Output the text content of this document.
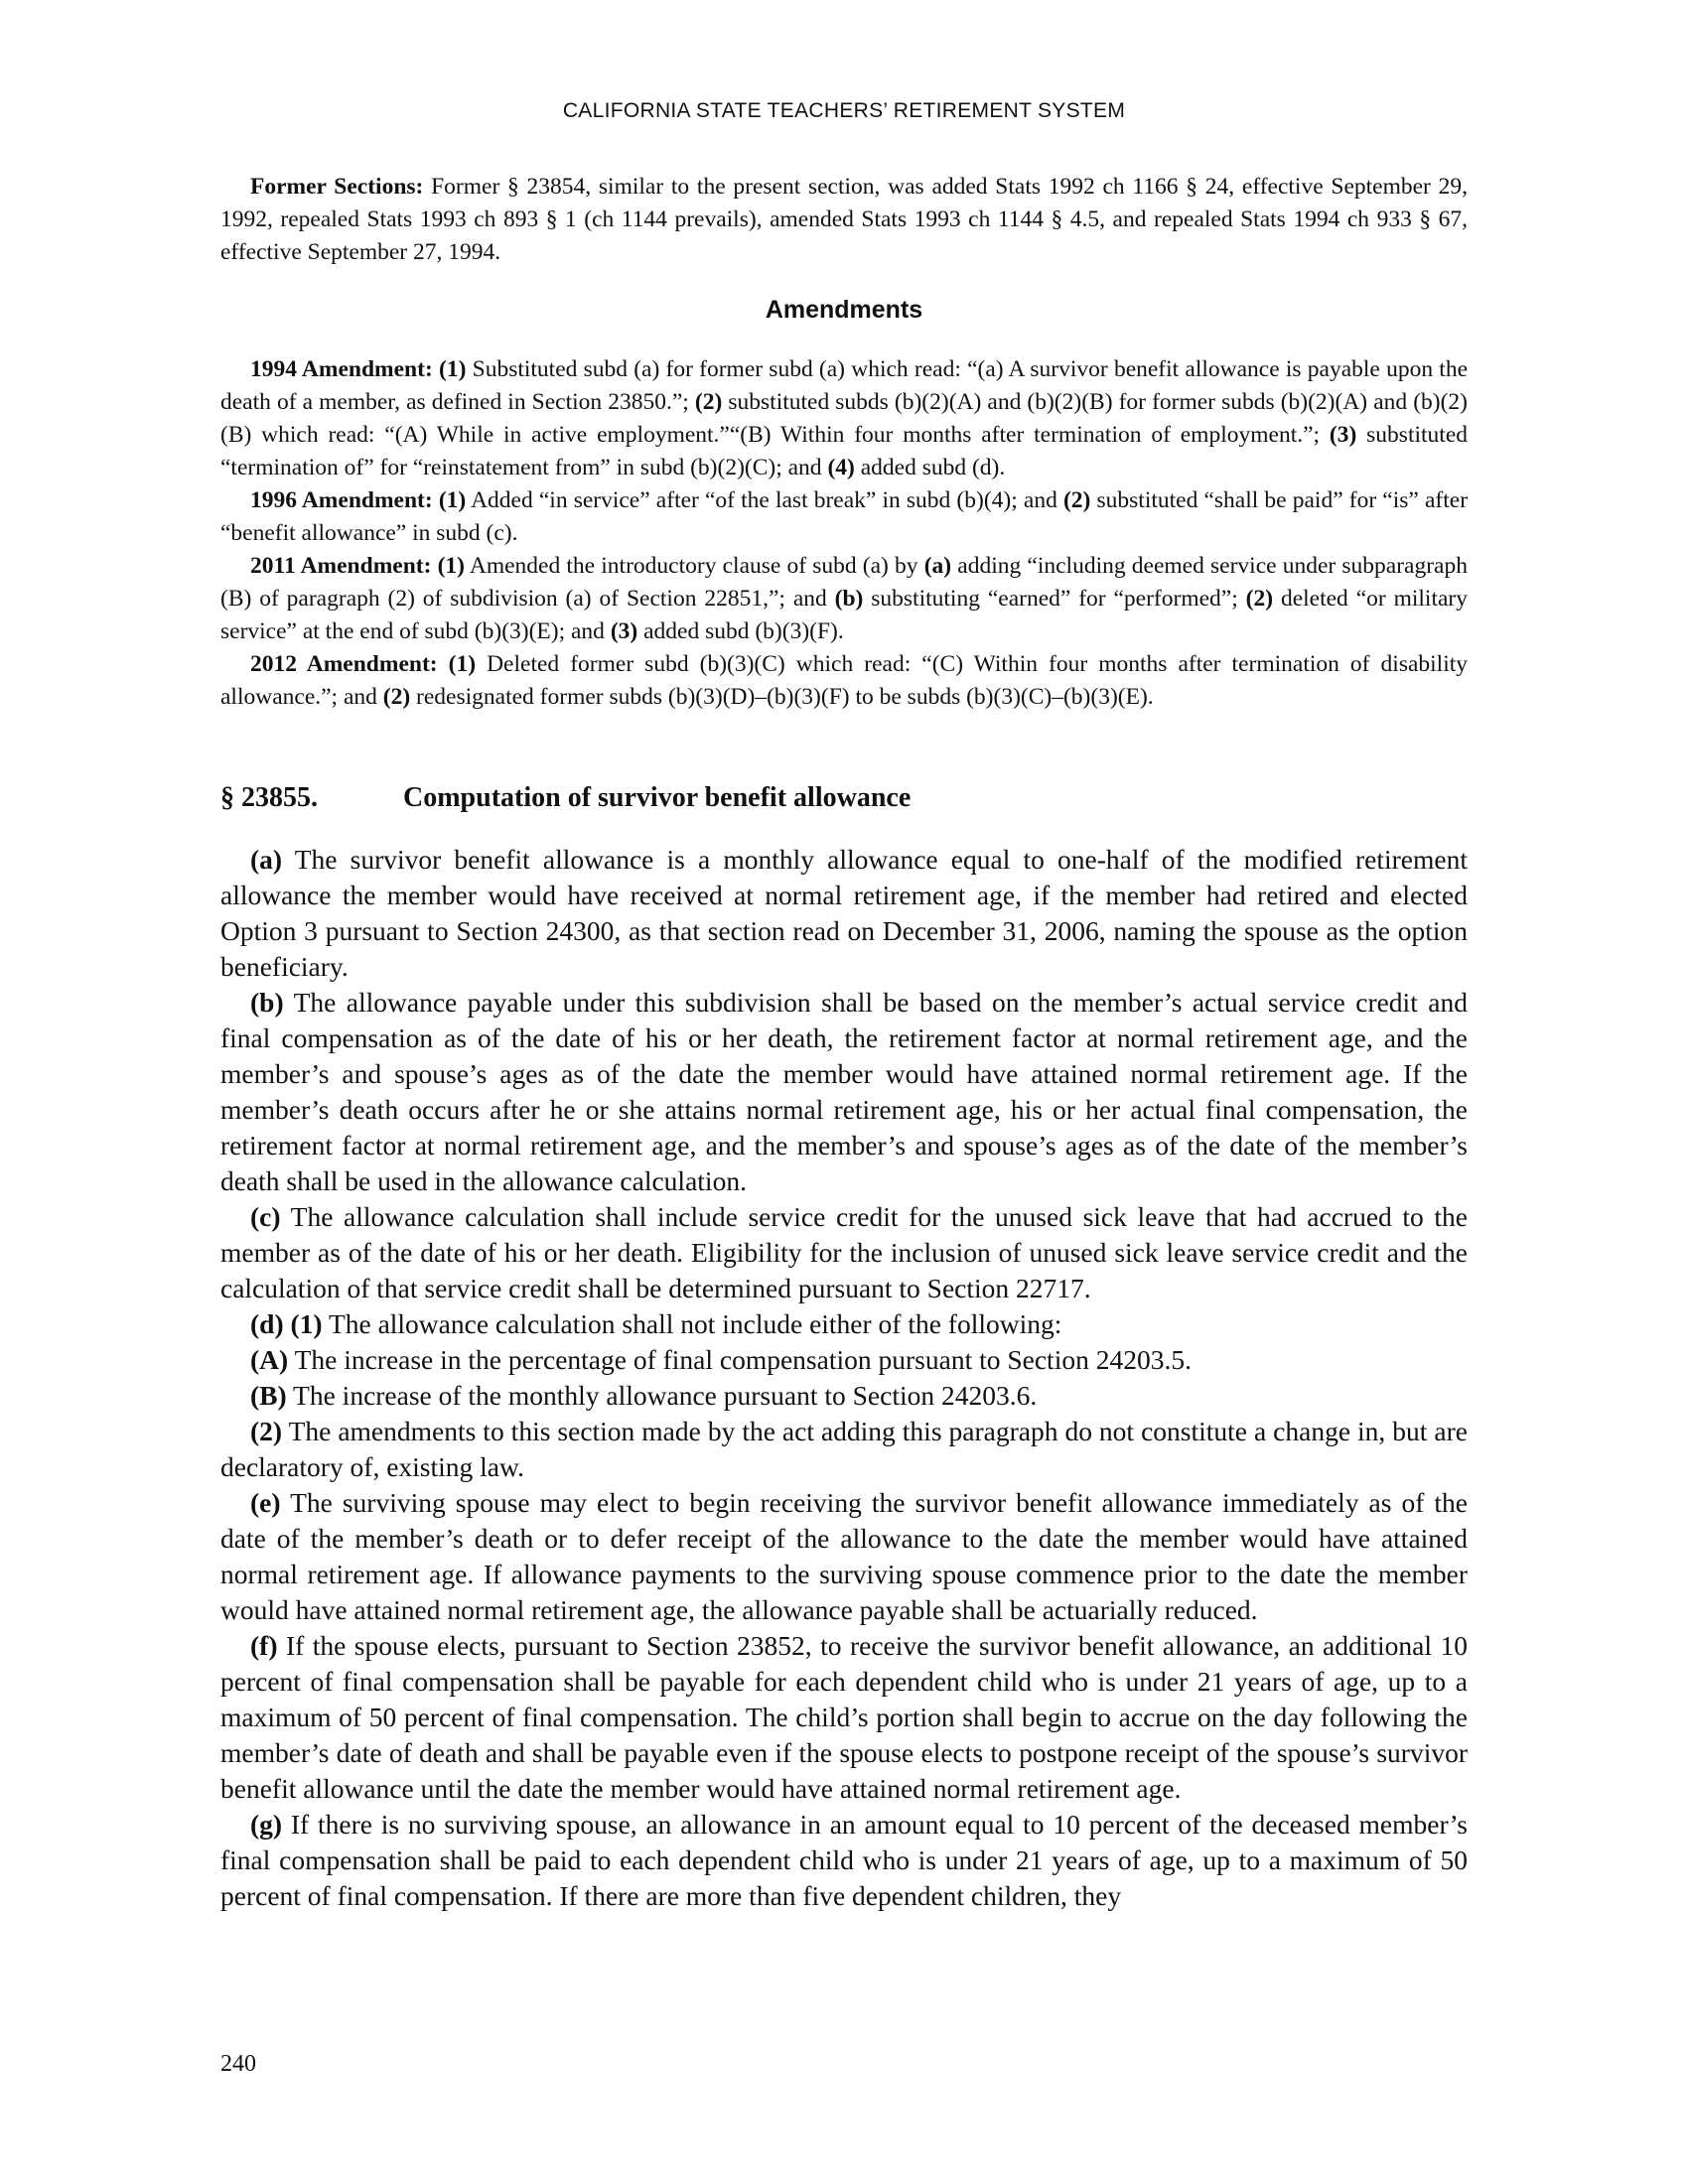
CALIFORNIA STATE TEACHERS’ RETIREMENT SYSTEM

Former Sections: Former § 23854, similar to the present section, was added Stats 1992 ch 1166 § 24, effective September 29, 1992, repealed Stats 1993 ch 893 § 1 (ch 1144 prevails), amended Stats 1993 ch 1144 § 4.5, and repealed Stats 1994 ch 933 § 67, effective September 27, 1994.

Amendments

1994 Amendment: (1) Substituted subd (a) for former subd (a) which read: “(a) A survivor benefit allowance is payable upon the death of a member, as defined in Section 23850.”; (2) substituted subds (b)(2)(A) and (b)(2)(B) for former subds (b)(2)(A) and (b)(2)(B) which read: “(A) While in active employment.”“(B) Within four months after termination of employment.”; (3) substituted “termination of” for “reinstatement from” in subd (b)(2)(C); and (4) added subd (d).

1996 Amendment: (1) Added “in service” after “of the last break” in subd (b)(4); and (2) substituted “shall be paid” for “is” after “benefit allowance” in subd (c).

2011 Amendment: (1) Amended the introductory clause of subd (a) by (a) adding “including deemed service under subparagraph (B) of paragraph (2) of subdivision (a) of Section 22851,”; and (b) substituting “earned” for “performed”; (2) deleted “or military service” at the end of subd (b)(3)(E); and (3) added subd (b)(3)(F).

2012 Amendment: (1) Deleted former subd (b)(3)(C) which read: “(C) Within four months after termination of disability allowance.”; and (2) redesignated former subds (b)(3)(D)–(b)(3)(F) to be subds (b)(3)(C)–(b)(3)(E).

§ 23855.	Computation of survivor benefit allowance

(a) The survivor benefit allowance is a monthly allowance equal to one-half of the modified retirement allowance the member would have received at normal retirement age, if the member had retired and elected Option 3 pursuant to Section 24300, as that section read on December 31, 2006, naming the spouse as the option beneficiary.

(b) The allowance payable under this subdivision shall be based on the member’s actual service credit and final compensation as of the date of his or her death, the retirement factor at normal retirement age, and the member’s and spouse’s ages as of the date the member would have attained normal retirement age. If the member’s death occurs after he or she attains normal retirement age, his or her actual final compensation, the retirement factor at normal retirement age, and the member’s and spouse’s ages as of the date of the member’s death shall be used in the allowance calculation.

(c) The allowance calculation shall include service credit for the unused sick leave that had accrued to the member as of the date of his or her death. Eligibility for the inclusion of unused sick leave service credit and the calculation of that service credit shall be determined pursuant to Section 22717.

(d) (1) The allowance calculation shall not include either of the following:

(A) The increase in the percentage of final compensation pursuant to Section 24203.5.

(B) The increase of the monthly allowance pursuant to Section 24203.6.

(2) The amendments to this section made by the act adding this paragraph do not constitute a change in, but are declaratory of, existing law.

(e) The surviving spouse may elect to begin receiving the survivor benefit allowance immediately as of the date of the member’s death or to defer receipt of the allowance to the date the member would have attained normal retirement age. If allowance payments to the surviving spouse commence prior to the date the member would have attained normal retirement age, the allowance payable shall be actuarially reduced.

(f) If the spouse elects, pursuant to Section 23852, to receive the survivor benefit allowance, an additional 10 percent of final compensation shall be payable for each dependent child who is under 21 years of age, up to a maximum of 50 percent of final compensation. The child’s portion shall begin to accrue on the day following the member’s date of death and shall be payable even if the spouse elects to postpone receipt of the spouse’s survivor benefit allowance until the date the member would have attained normal retirement age.

(g) If there is no surviving spouse, an allowance in an amount equal to 10 percent of the deceased member’s final compensation shall be paid to each dependent child who is under 21 years of age, up to a maximum of 50 percent of final compensation. If there are more than five dependent children, they

240
